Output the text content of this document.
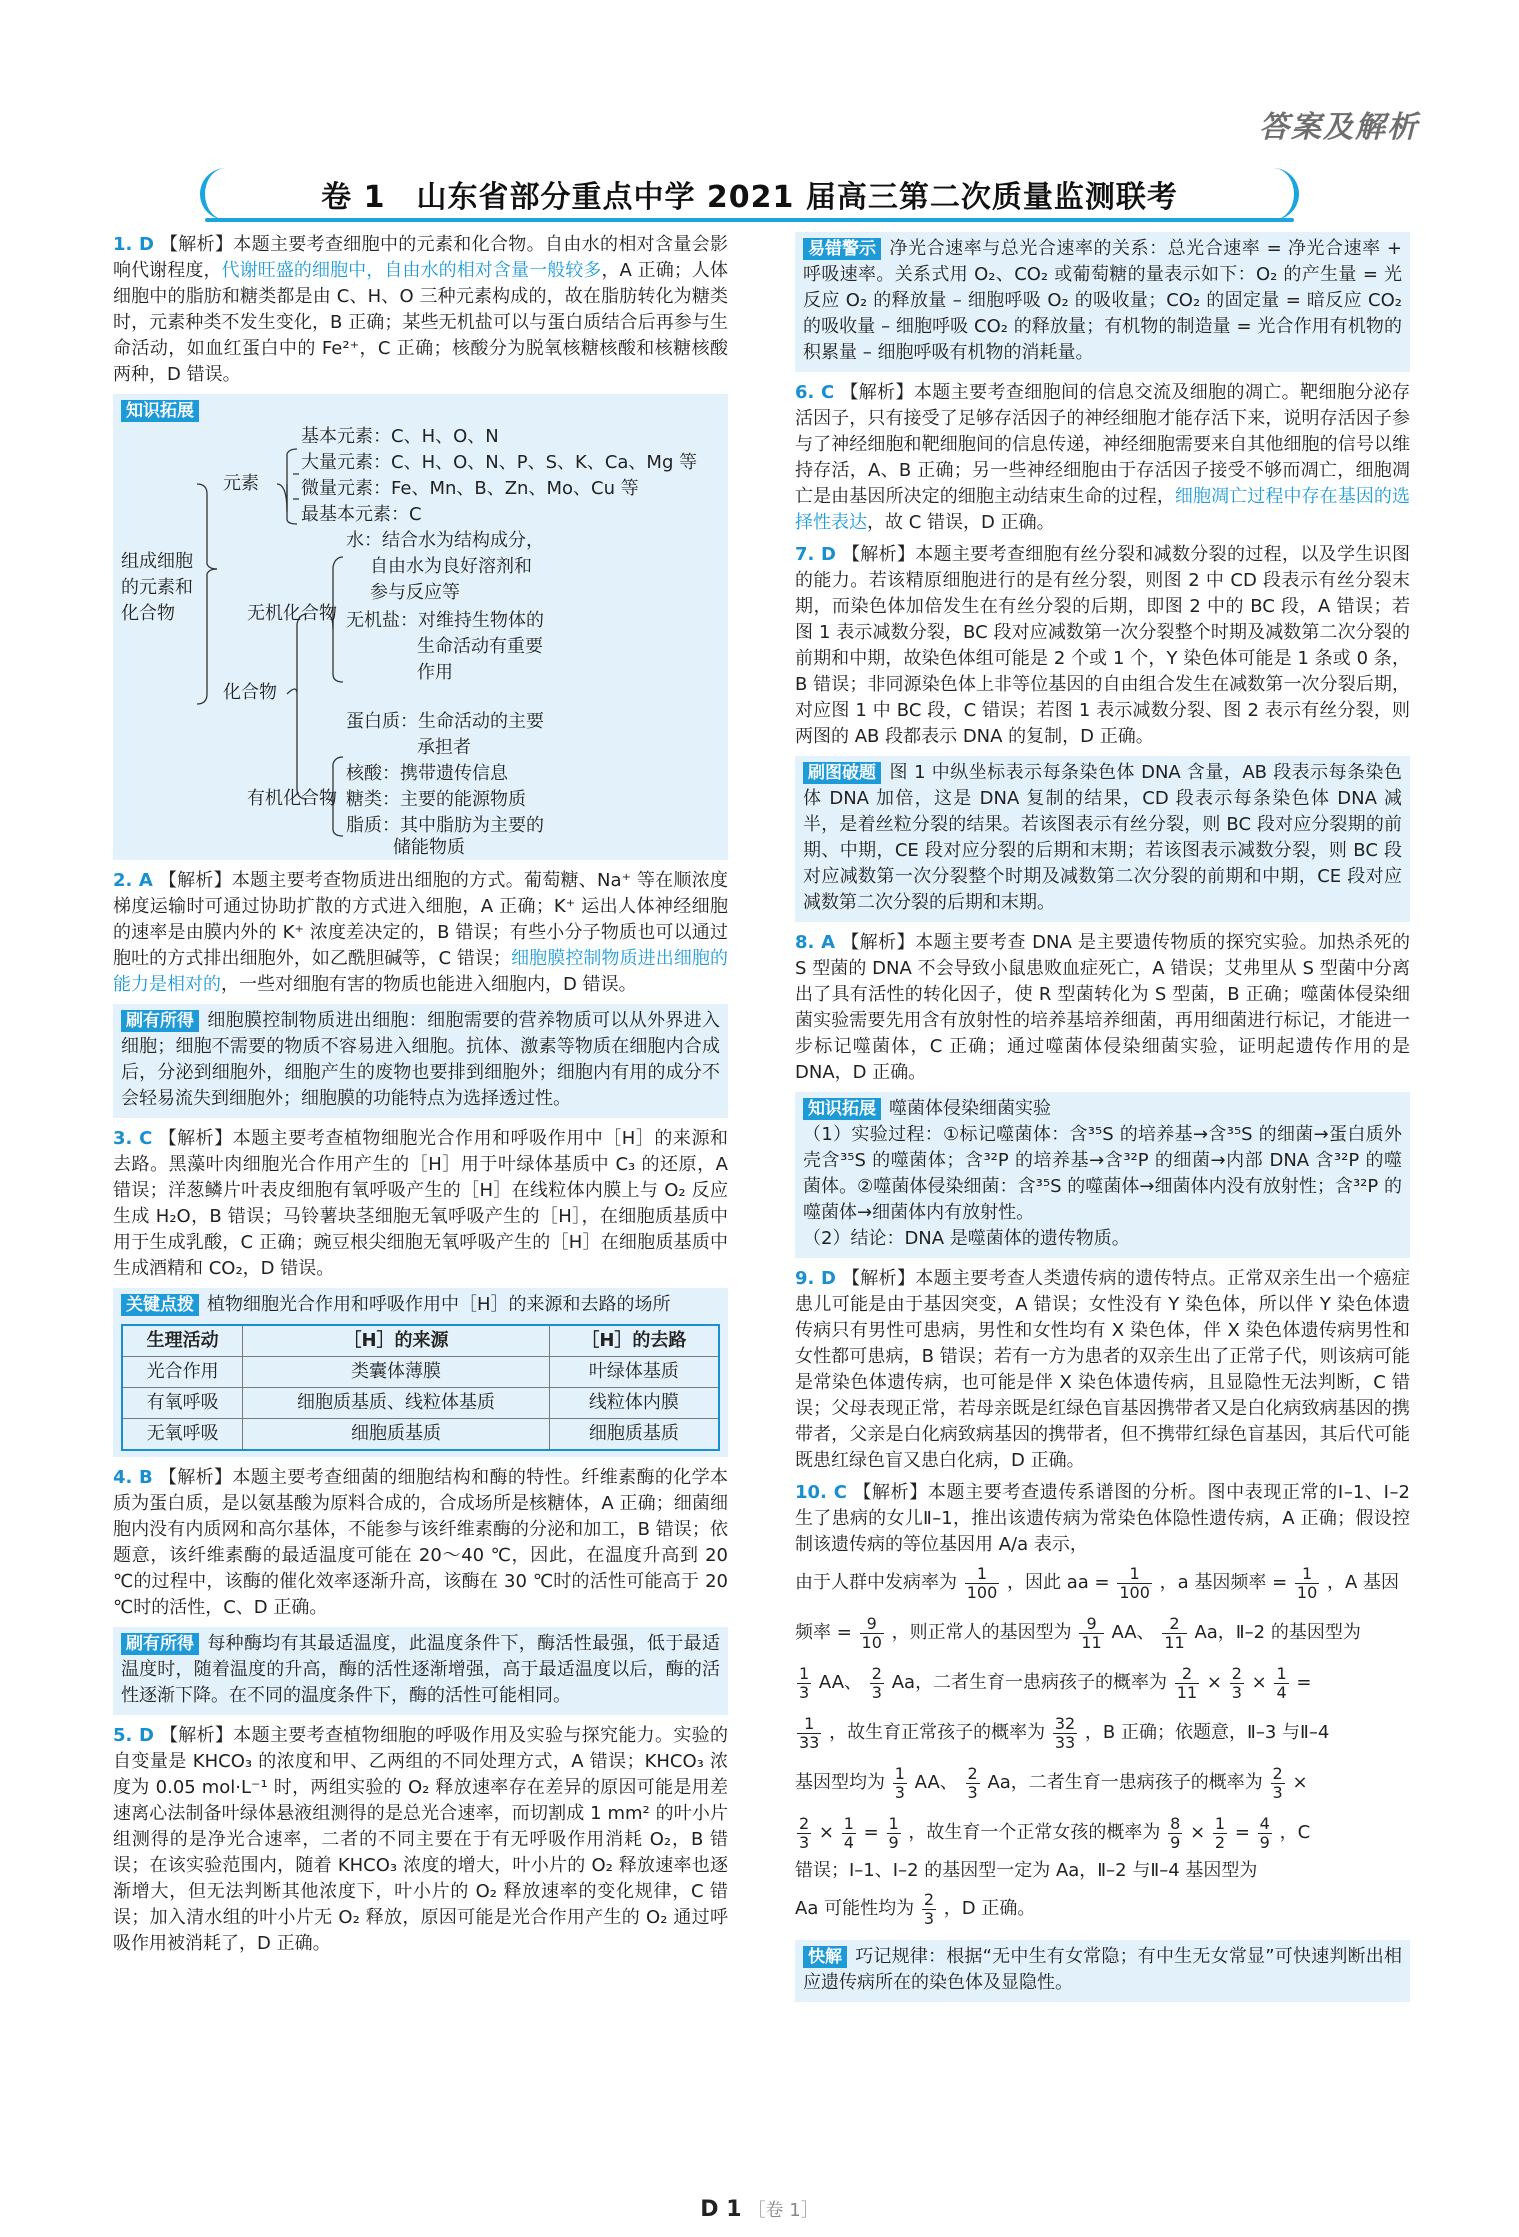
答案及解析
卷 1　山东省部分重点中学 2021 届高三第二次质量监测联考

1. D 【解析】本题主要考查细胞中的元素和化合物。自由水的相对含量会影响代谢程度，代谢旺盛的细胞中，自由水的相对含量一般较多，A 正确；人体细胞中的脂肪和糖类都是由 C、H、O 三种元素构成的，故在脂肪转化为糖类时，元素种类不发生变化，B 正确；某些无机盐可以与蛋白质结合后再参与生命活动，如血红蛋白中的 Fe²⁺，C 正确；核酸分为脱氧核糖核酸和核糖核酸两种，D 错误。

知识拓展
组成细胞
的元素和
化合物
元素
基本元素：C、H、O、N
大量元素：C、H、O、N、P、S、K、Ca、Mg 等
微量元素：Fe、Mn、B、Zn、Mo、Cu 等
最基本元素：C
化合物
无机化合物
水：结合水为结构成分，
自由水为良好溶剂和
参与反应等
无机盐：对维持生物体的
生命活动有重要
作用
有机化合物
蛋白质：生命活动的主要
承担者
核酸：携带遗传信息
糖类：主要的能源物质
脂质：其中脂肪为主要的
储能物质

2. A 【解析】本题主要考查物质进出细胞的方式。葡萄糖、Na⁺ 等在顺浓度梯度运输时可通过协助扩散的方式进入细胞，A 正确；K⁺ 运出人体神经细胞的速率是由膜内外的 K⁺ 浓度差决定的，B 错误；有些小分子物质也可以通过胞吐的方式排出细胞外，如乙酰胆碱等，C 错误；细胞膜控制物质进出细胞的能力是相对的，一些对细胞有害的物质也能进入细胞内，D 错误。

刷有所得 细胞膜控制物质进出细胞：细胞需要的营养物质可以从外界进入细胞；细胞不需要的物质不容易进入细胞。抗体、激素等物质在细胞内合成后，分泌到细胞外，细胞产生的废物也要排到细胞外；细胞内有用的成分不会轻易流失到细胞外；细胞膜的功能特点为选择透过性。

3. C 【解析】本题主要考查植物细胞光合作用和呼吸作用中［H］的来源和去路。黑藻叶肉细胞光合作用产生的［H］用于叶绿体基质中 C₃ 的还原，A 错误；洋葱鳞片叶表皮细胞有氧呼吸产生的［H］在线粒体内膜上与 O₂ 反应生成 H₂O，B 错误；马铃薯块茎细胞无氧呼吸产生的［H］，在细胞质基质中用于生成乳酸，C 正确；豌豆根尖细胞无氧呼吸产生的［H］在细胞质基质中生成酒精和 CO₂，D 错误。

关键点拨 植物细胞光合作用和呼吸作用中［H］的来源和去路的场所
生理活动	［H］的来源	［H］的去路
光合作用	类囊体薄膜	叶绿体基质
有氧呼吸	细胞质基质、线粒体基质	线粒体内膜
无氧呼吸	细胞质基质	细胞质基质

4. B 【解析】本题主要考查细菌的细胞结构和酶的特性。纤维素酶的化学本质为蛋白质，是以氨基酸为原料合成的，合成场所是核糖体，A 正确；细菌细胞内没有内质网和高尔基体，不能参与该纤维素酶的分泌和加工，B 错误；依题意，该纤维素酶的最适温度可能在 20～40 ℃，因此，在温度升高到 20 ℃的过程中，该酶的催化效率逐渐升高，该酶在 30 ℃时的活性可能高于 20 ℃时的活性，C、D 正确。

刷有所得 每种酶均有其最适温度，此温度条件下，酶活性最强，低于最适温度时，随着温度的升高，酶的活性逐渐增强，高于最适温度以后，酶的活性逐渐下降。在不同的温度条件下，酶的活性可能相同。

5. D 【解析】本题主要考查植物细胞的呼吸作用及实验与探究能力。实验的自变量是 KHCO₃ 的浓度和甲、乙两组的不同处理方式，A 错误；KHCO₃ 浓度为 0.05 mol·L⁻¹ 时，两组实验的 O₂ 释放速率存在差异的原因可能是用差速离心法制备叶绿体悬液组测得的是总光合速率，而切割成 1 mm² 的叶小片组测得的是净光合速率，二者的不同主要在于有无呼吸作用消耗 O₂，B 错误；在该实验范围内，随着 KHCO₃ 浓度的增大，叶小片的 O₂ 释放速率也逐渐增大，但无法判断其他浓度下，叶小片的 O₂ 释放速率的变化规律，C 错误；加入清水组的叶小片无 O₂ 释放，原因可能是光合作用产生的 O₂ 通过呼吸作用被消耗了，D 正确。

易错警示 净光合速率与总光合速率的关系：总光合速率 = 净光合速率 + 呼吸速率。关系式用 O₂、CO₂ 或葡萄糖的量表示如下：O₂ 的产生量 = 光反应 O₂ 的释放量 – 细胞呼吸 O₂ 的吸收量；CO₂ 的固定量 = 暗反应 CO₂ 的吸收量 – 细胞呼吸 CO₂ 的释放量；有机物的制造量 = 光合作用有机物的积累量 – 细胞呼吸有机物的消耗量。

6. C 【解析】本题主要考查细胞间的信息交流及细胞的凋亡。靶细胞分泌存活因子，只有接受了足够存活因子的神经细胞才能存活下来，说明存活因子参与了神经细胞和靶细胞间的信息传递，神经细胞需要来自其他细胞的信号以维持存活，A、B 正确；另一些神经细胞由于存活因子接受不够而凋亡，细胞凋亡是由基因所决定的细胞主动结束生命的过程，细胞凋亡过程中存在基因的选择性表达，故 C 错误，D 正确。

7. D 【解析】本题主要考查细胞有丝分裂和减数分裂的过程，以及学生识图的能力。若该精原细胞进行的是有丝分裂，则图 2 中 CD 段表示有丝分裂末期，而染色体加倍发生在有丝分裂的后期，即图 2 中的 BC 段，A 错误；若图 1 表示减数分裂，BC 段对应减数第一次分裂整个时期及减数第二次分裂的前期和中期，故染色体组可能是 2 个或 1 个，Y 染色体可能是 1 条或 0 条，B 错误；非同源染色体上非等位基因的自由组合发生在减数第一次分裂后期，对应图 1 中 BC 段，C 错误；若图 1 表示减数分裂、图 2 表示有丝分裂，则两图的 AB 段都表示 DNA 的复制，D 正确。

刷图破题 图 1 中纵坐标表示每条染色体 DNA 含量，AB 段表示每条染色体 DNA 加倍，这是 DNA 复制的结果，CD 段表示每条染色体 DNA 减半，是着丝粒分裂的结果。若该图表示有丝分裂，则 BC 段对应分裂期的前期、中期，CE 段对应分裂的后期和末期；若该图表示减数分裂，则 BC 段对应减数第一次分裂整个时期及减数第二次分裂的前期和中期，CE 段对应减数第二次分裂的后期和末期。

8. A 【解析】本题主要考查 DNA 是主要遗传物质的探究实验。加热杀死的 S 型菌的 DNA 不会导致小鼠患败血症死亡，A 错误；艾弗里从 S 型菌中分离出了具有活性的转化因子，使 R 型菌转化为 S 型菌，B 正确；噬菌体侵染细菌实验需要先用含有放射性的培养基培养细菌，再用细菌进行标记，才能进一步标记噬菌体，C 正确；通过噬菌体侵染细菌实验，证明起遗传作用的是 DNA，D 正确。

知识拓展 噬菌体侵染细菌实验
（1）实验过程：①标记噬菌体：含³⁵S 的培养基→含³⁵S 的细菌→蛋白质外壳含³⁵S 的噬菌体；含³²P 的培养基→含³²P 的细菌→内部 DNA 含³²P 的噬菌体。②噬菌体侵染细菌：含³⁵S 的噬菌体→细菌体内没有放射性；含³²P 的噬菌体→细菌体内有放射性。
（2）结论：DNA 是噬菌体的遗传物质。

9. D 【解析】本题主要考查人类遗传病的遗传特点。正常双亲生出一个癌症患儿可能是由于基因突变，A 错误；女性没有 Y 染色体，所以伴 Y 染色体遗传病只有男性可患病，男性和女性均有 X 染色体，伴 X 染色体遗传病男性和女性都可患病，B 错误；若有一方为患者的双亲生出了正常子代，则该病可能是常染色体遗传病，也可能是伴 X 染色体遗传病，且显隐性无法判断，C 错误；父母表现正常，若母亲既是红绿色盲基因携带者又是白化病致病基因的携带者，父亲是白化病致病基因的携带者，但不携带红绿色盲基因，其后代可能既患红绿色盲又患白化病，D 正确。

10. C 【解析】本题主要考查遗传系谱图的分析。图中表现正常的Ⅰ–1、Ⅰ–2 生了患病的女儿Ⅱ–1，推出该遗传病为常染色体隐性遗传病，A 正确；假设控制该遗传病的等位基因用 A/a 表示，
由于人群中发病率为 $\frac{1}{100}$ ，因此 aa = $\frac{1}{100}$ ，a 基因频率 = $\frac{1}{10}$ ，A 基因
频率 = $\frac{9}{10}$ ，则正常人的基因型为 $\frac{9}{11}$ AA、 $\frac{2}{11}$ Aa，Ⅱ–2 的基因型为
$\frac{1}{3}$ AA、 $\frac{2}{3}$ Aa，二者生育一患病孩子的概率为 $\frac{2}{11} \times \frac{2}{3} \times \frac{1}{4}$ =
$\frac{1}{33}$ ，故生育正常孩子的概率为 $\frac{32}{33}$ ，B 正确；依题意，Ⅱ–3 与Ⅱ–4
基因型均为 $\frac{1}{3}$ AA、 $\frac{2}{3}$ Aa，二者生育一患病孩子的概率为 $\frac{2}{3}$ ×
$\frac{2}{3} \times \frac{1}{4} = \frac{1}{9}$ ，故生育一个正常女孩的概率为 $\frac{8}{9} \times \frac{1}{2} = \frac{4}{9}$ ，C
错误；Ⅰ–1、Ⅰ–2 的基因型一定为 Aa，Ⅱ–2 与Ⅱ–4 基因型为
Aa 可能性均为 $\frac{2}{3}$ ，D 正确。
快解 巧记规律：根据“无中生有女常隐；有中生无女常显”可快速判断出相应遗传病所在的染色体及显隐性。
D 1 ［卷 1］
